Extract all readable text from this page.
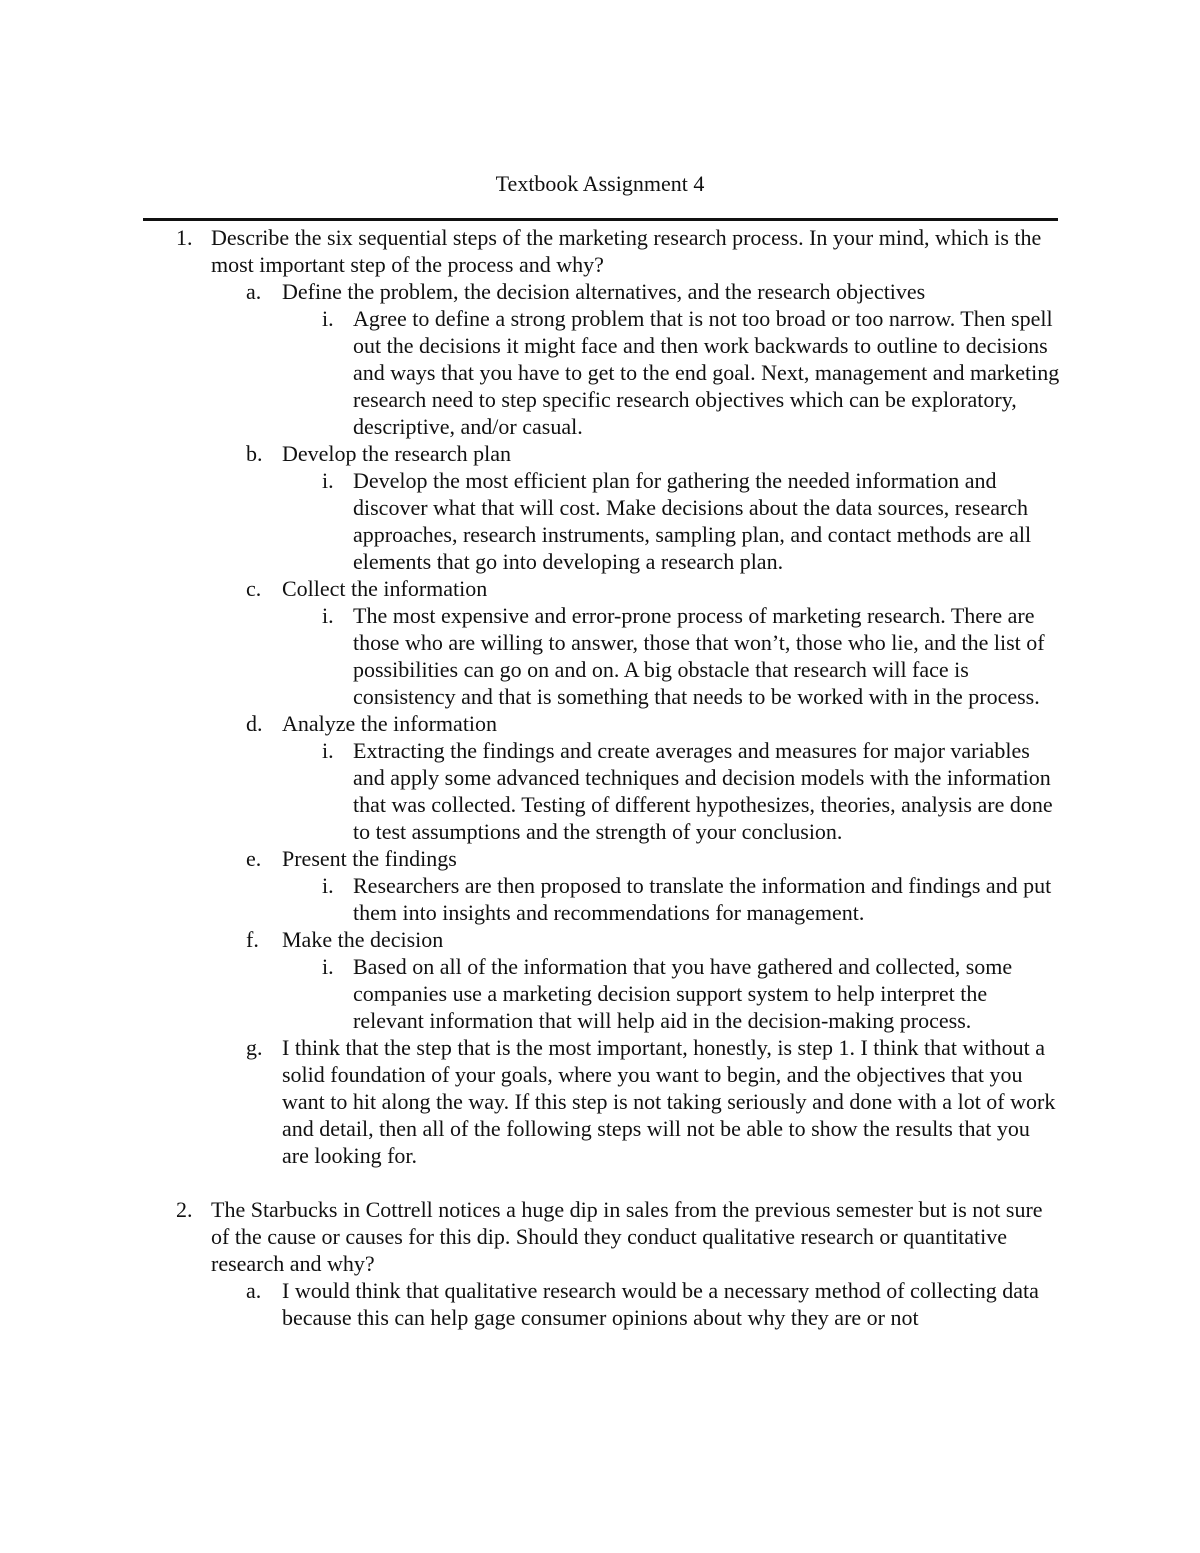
Textbook Assignment 4
1. Describe the six sequential steps of the marketing research process. In your mind, which is the most important step of the process and why?
a. Define the problem, the decision alternatives, and the research objectives
i. Agree to define a strong problem that is not too broad or too narrow. Then spell out the decisions it might face and then work backwards to outline to decisions and ways that you have to get to the end goal. Next, management and marketing research need to step specific research objectives which can be exploratory, descriptive, and/or casual.
b. Develop the research plan
i. Develop the most efficient plan for gathering the needed information and discover what that will cost. Make decisions about the data sources, research approaches, research instruments, sampling plan, and contact methods are all elements that go into developing a research plan.
c. Collect the information
i. The most expensive and error-prone process of marketing research. There are those who are willing to answer, those that won’t, those who lie, and the list of possibilities can go on and on. A big obstacle that research will face is consistency and that is something that needs to be worked with in the process.
d. Analyze the information
i. Extracting the findings and create averages and measures for major variables and apply some advanced techniques and decision models with the information that was collected. Testing of different hypothesizes, theories, analysis are done to test assumptions and the strength of your conclusion.
e. Present the findings
i. Researchers are then proposed to translate the information and findings and put them into insights and recommendations for management.
f. Make the decision
i. Based on all of the information that you have gathered and collected, some companies use a marketing decision support system to help interpret the relevant information that will help aid in the decision-making process.
g. I think that the step that is the most important, honestly, is step 1. I think that without a solid foundation of your goals, where you want to begin, and the objectives that you want to hit along the way. If this step is not taking seriously and done with a lot of work and detail, then all of the following steps will not be able to show the results that you are looking for.
2. The Starbucks in Cottrell notices a huge dip in sales from the previous semester but is not sure of the cause or causes for this dip. Should they conduct qualitative research or quantitative research and why?
a. I would think that qualitative research would be a necessary method of collecting data because this can help gage consumer opinions about why they are or not
